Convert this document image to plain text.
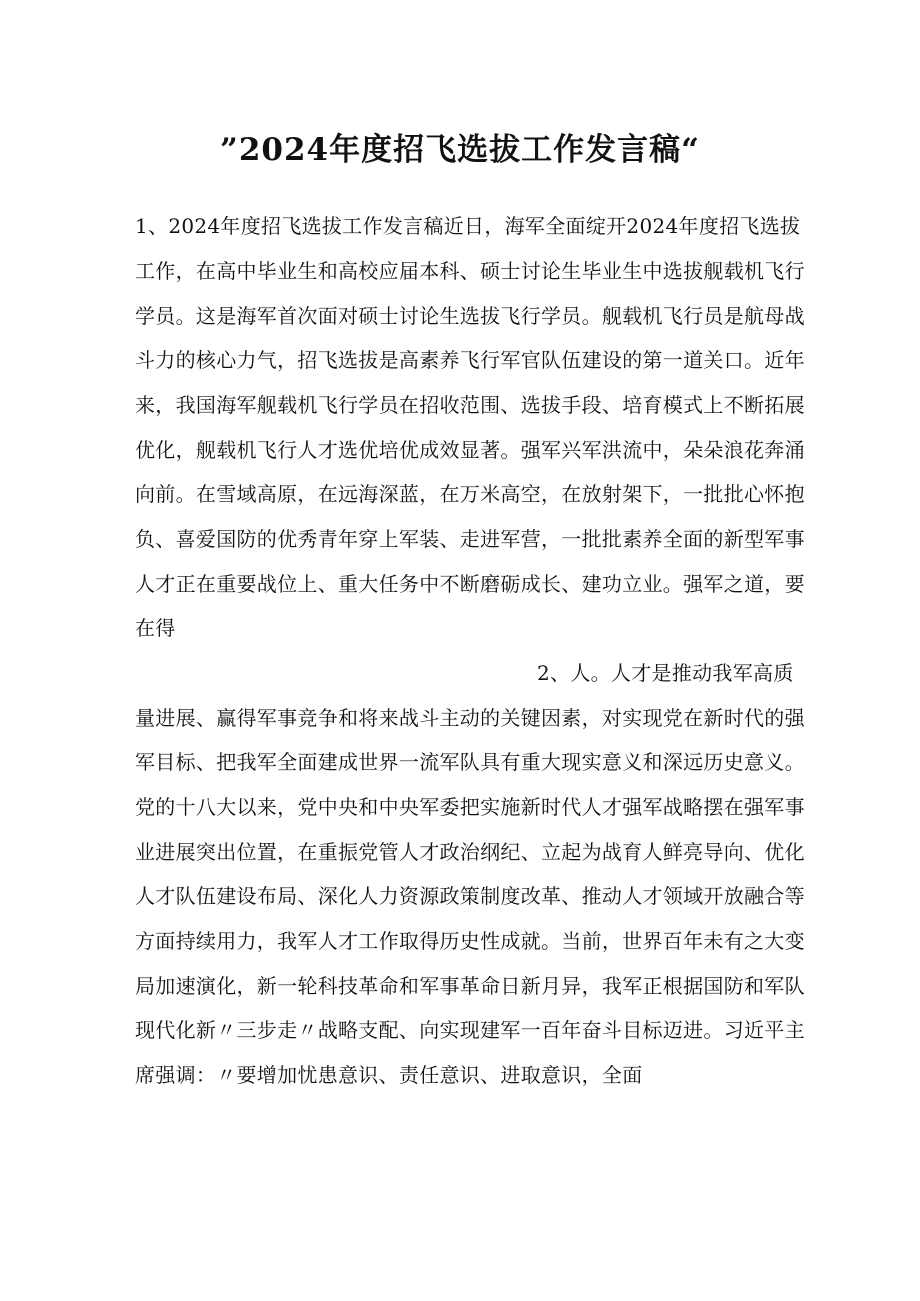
”2024年度招飞选拔工作发言稿“
1、2024年度招飞选拔工作发言稿近日，海军全面绽开2024年度招飞选拔
工作，在高中毕业生和高校应届本科、硕士讨论生毕业生中选拔舰载机飞行
学员。这是海军首次面对硕士讨论生选拔飞行学员。舰载机飞行员是航母战
斗力的核心力气，招飞选拔是高素养飞行军官队伍建设的第一道关口。近年
来，我国海军舰载机飞行学员在招收范围、选拔手段、培育模式上不断拓展
优化，舰载机飞行人才选优培优成效显著。强军兴军洪流中，朵朵浪花奔涌
向前。在雪域高原，在远海深蓝，在万米高空，在放射架下，一批批心怀抱
负、喜爱国防的优秀青年穿上军装、走进军营，一批批素养全面的新型军事
人才正在重要战位上、重大任务中不断磨砺成长、建功立业。强军之道，要
在得
2、人。人才是推动我军高质
量进展、赢得军事竞争和将来战斗主动的关键因素，对实现党在新时代的强
军目标、把我军全面建成世界一流军队具有重大现实意义和深远历史意义。
党的十八大以来，党中央和中央军委把实施新时代人才强军战略摆在强军事
业进展突出位置，在重振党管人才政治纲纪、立起为战育人鲜亮导向、优化
人才队伍建设布局、深化人力资源政策制度改革、推动人才领域开放融合等
方面持续用力，我军人才工作取得历史性成就。当前，世界百年未有之大变
局加速演化，新一轮科技革命和军事革命日新月异，我军正根据国防和军队
现代化新〃三步走〃战略支配、向实现建军一百年奋斗目标迈进。习近平主
席强调：〃要增加忧患意识、责任意识、进取意识，全面
